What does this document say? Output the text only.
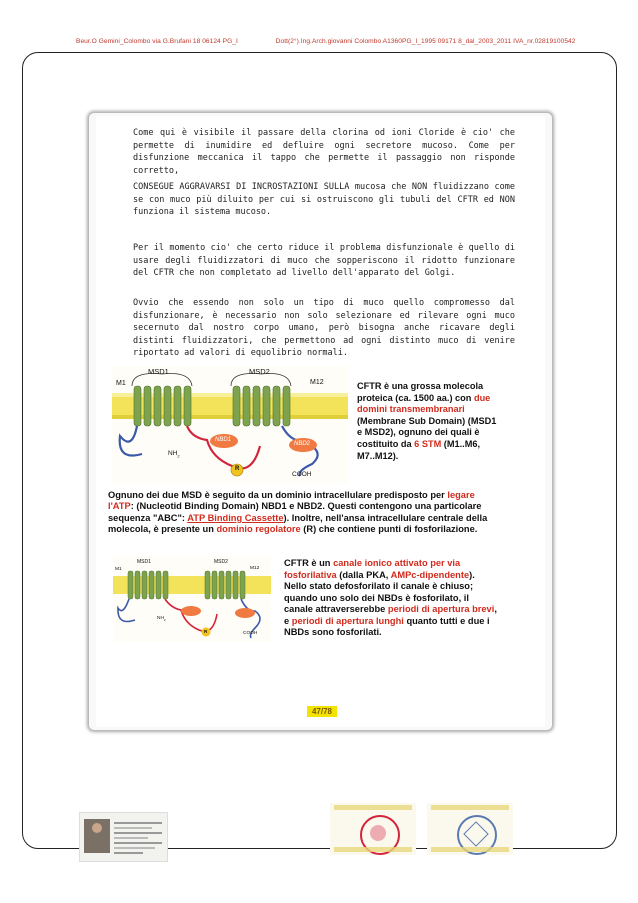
Beur.O Gemini_Colombo via G.Brufani 18 06124 PG_I	Dott(2°).Ing.Arch.giovanni Colombo A1360PG_I_1995 09171 8_dal_2003_2011 IVA_nr.02819100542

Come qui è visibile il passare della clorina od ioni Cloride è cio' che permette di inumidire ed defluire ogni secretore mucoso. Come per disfunzione meccanica il tappo che permette il passaggio non risponde corretto,

CONSEGUE AGGRAVARSI DI INCROSTAZIONI SULLA mucosa che NON fluidizzano come se con muco più diluito per cui si ostruiscono gli tubuli del CFTR ed NON funziona il sistema mucoso.

Per il momento cio' che certo riduce il problema disfunzionale è quello di usare degli fluidizzatori di muco che sopperiscono il ridotto funzionare del CFTR che non completato ad livello dell'apparato del Golgi.

Ovvio che essendo non solo un tipo di muco quello compromesso dal disfunzionare, è necessario non solo selezionare ed rilevare ogni muco secernuto dal nostro corpo umano, però bisogna anche ricavare degli distinti fluidizzatori, che permettono ad ogni distinto muco di venire riportato ad valori di equolibrio normali.

MSD1	MSD2
M1	M12
$NH_2$
NBD1
NBD2
R
COOH

CFTR è una grossa molecola proteica (ca. 1500 aa.) con due domini transmembranari (Membrane Sub Domain) (MSD1 e MSD2), ognuno dei quali è costituito da 6 STM (M1..M6, M7..M12).

Ognuno dei due MSD è seguito da un dominio intracellulare predisposto per legare l'ATP: (Nucleotid Binding Domain) NBD1 e NBD2. Questi contengono una particolare sequenza "ABC": ATP Binding Cassette). Inoltre, nell'ansa intracellulare centrale della molecola, è presente un dominio regolatore (R) che contiene punti di fosforilazione.

MSD1	MSD2
M1	M12
$NH_2$
R	COOH

CFTR è un canale ionico attivato per via fosforilativa (dalla PKA, AMPc-dipendente). Nello stato defosforilato il canale è chiuso; quando uno solo dei NBDs è fosforilato, il canale attraverserebbe periodi di apertura brevi, e periodi di apertura lunghi quanto tutti e due i NBDs sono fosforilati.

47/78
